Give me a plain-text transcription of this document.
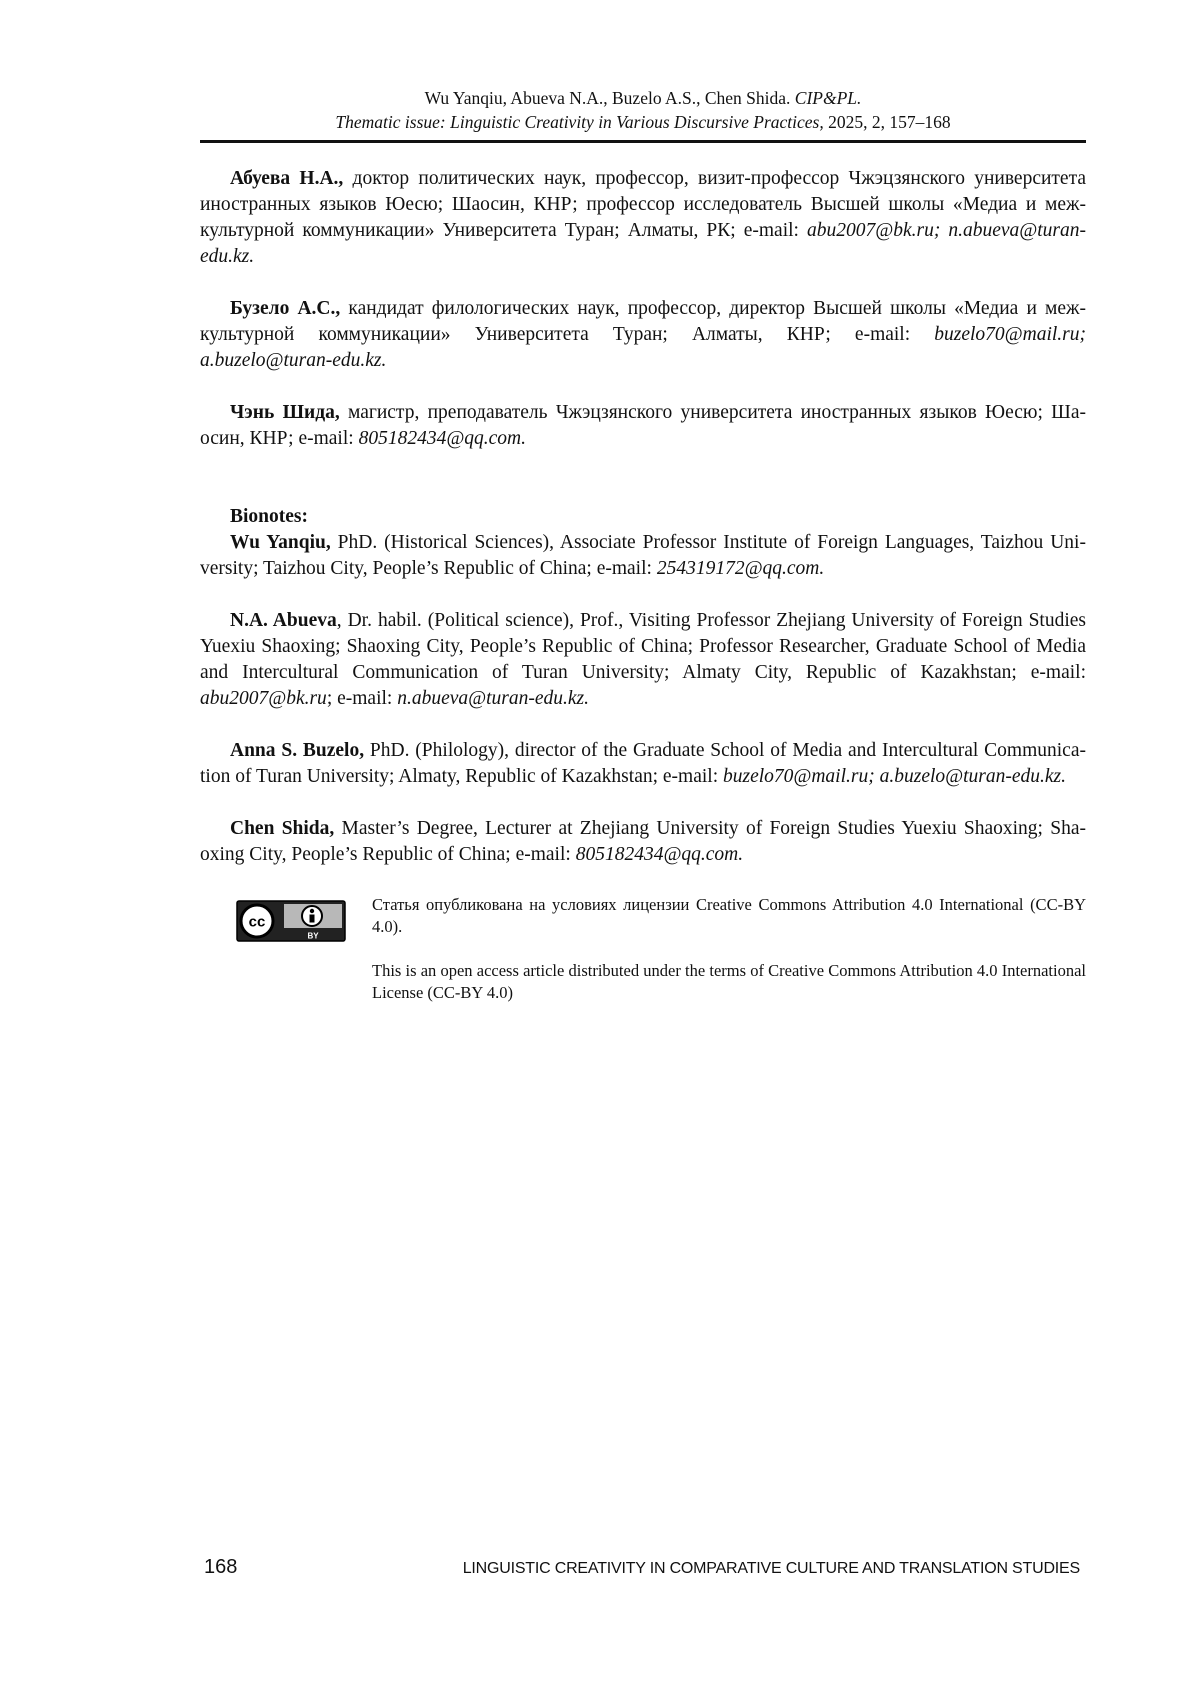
Wu Yanqiu, Abueva N.A., Buzelo A.S., Chen Shida. CIP&PL.
Thematic issue: Linguistic Creativity in Various Discursive Practices, 2025, 2, 157–168

Абуева Н.А., доктор политических наук, профессор, визит-профессор Чжэцзянского университета иностранных языков Юесю; Шаосин, КНР; профессор исследователь Высшей школы «Медиа и межкультурной коммуникации» Университета Туран; Алматы, РК; e-mail: abu2007@bk.ru; n.abueva@turan-edu.kz.

Бузело А.С., кандидат филологических наук, профессор, директор Высшей школы «Медиа и межкультурной коммуникации» Университета Туран; Алматы, КНР; e-mail: buzelo70@mail.ru; a.buzelo@turan-edu.kz.

Чэнь Шида, магистр, преподаватель Чжэцзянского университета иностранных языков Юесю; Шаосин, КНР; e-mail: 805182434@qq.com.

Bionotes:

Wu Yanqiu, PhD. (Historical Sciences), Associate Professor Institute of Foreign Languages, Taizhou University; Taizhou City, People’s Republic of China; e-mail: 254319172@qq.com.

N.A. Abueva, Dr. habil. (Political science), Prof., Visiting Professor Zhejiang University of Foreign Studies Yuexiu Shaoxing; Shaoxing City, People’s Republic of China; Professor Researcher, Graduate School of Media and Intercultural Communication of Turan University; Almaty City, Republic of Kazakhstan; e-mail: abu2007@bk.ru; e-mail: n.abueva@turan-edu.kz.

Anna S. Buzelo, PhD. (Philology), director of the Graduate School of Media and Intercultural Communication of Turan University; Almaty, Republic of Kazakhstan; e-mail: buzelo70@mail.ru; a.buzelo@turan-edu.kz.

Chen Shida, Master’s Degree, Lecturer at Zhejiang University of Foreign Studies Yuexiu Shaoxing; Shaoxing City, People’s Republic of China; e-mail: 805182434@qq.com.

cc
BY

Статья опубликована на условиях лицензии Creative Commons Attribution 4.0 International (CC-BY 4.0).

This is an open access article distributed under the terms of Creative Commons Attribution 4.0 International License (CC-BY 4.0)

168	LINGUISTIC CREATIVITY IN COMPARATIVE CULTURE AND TRANSLATION STUDIES
